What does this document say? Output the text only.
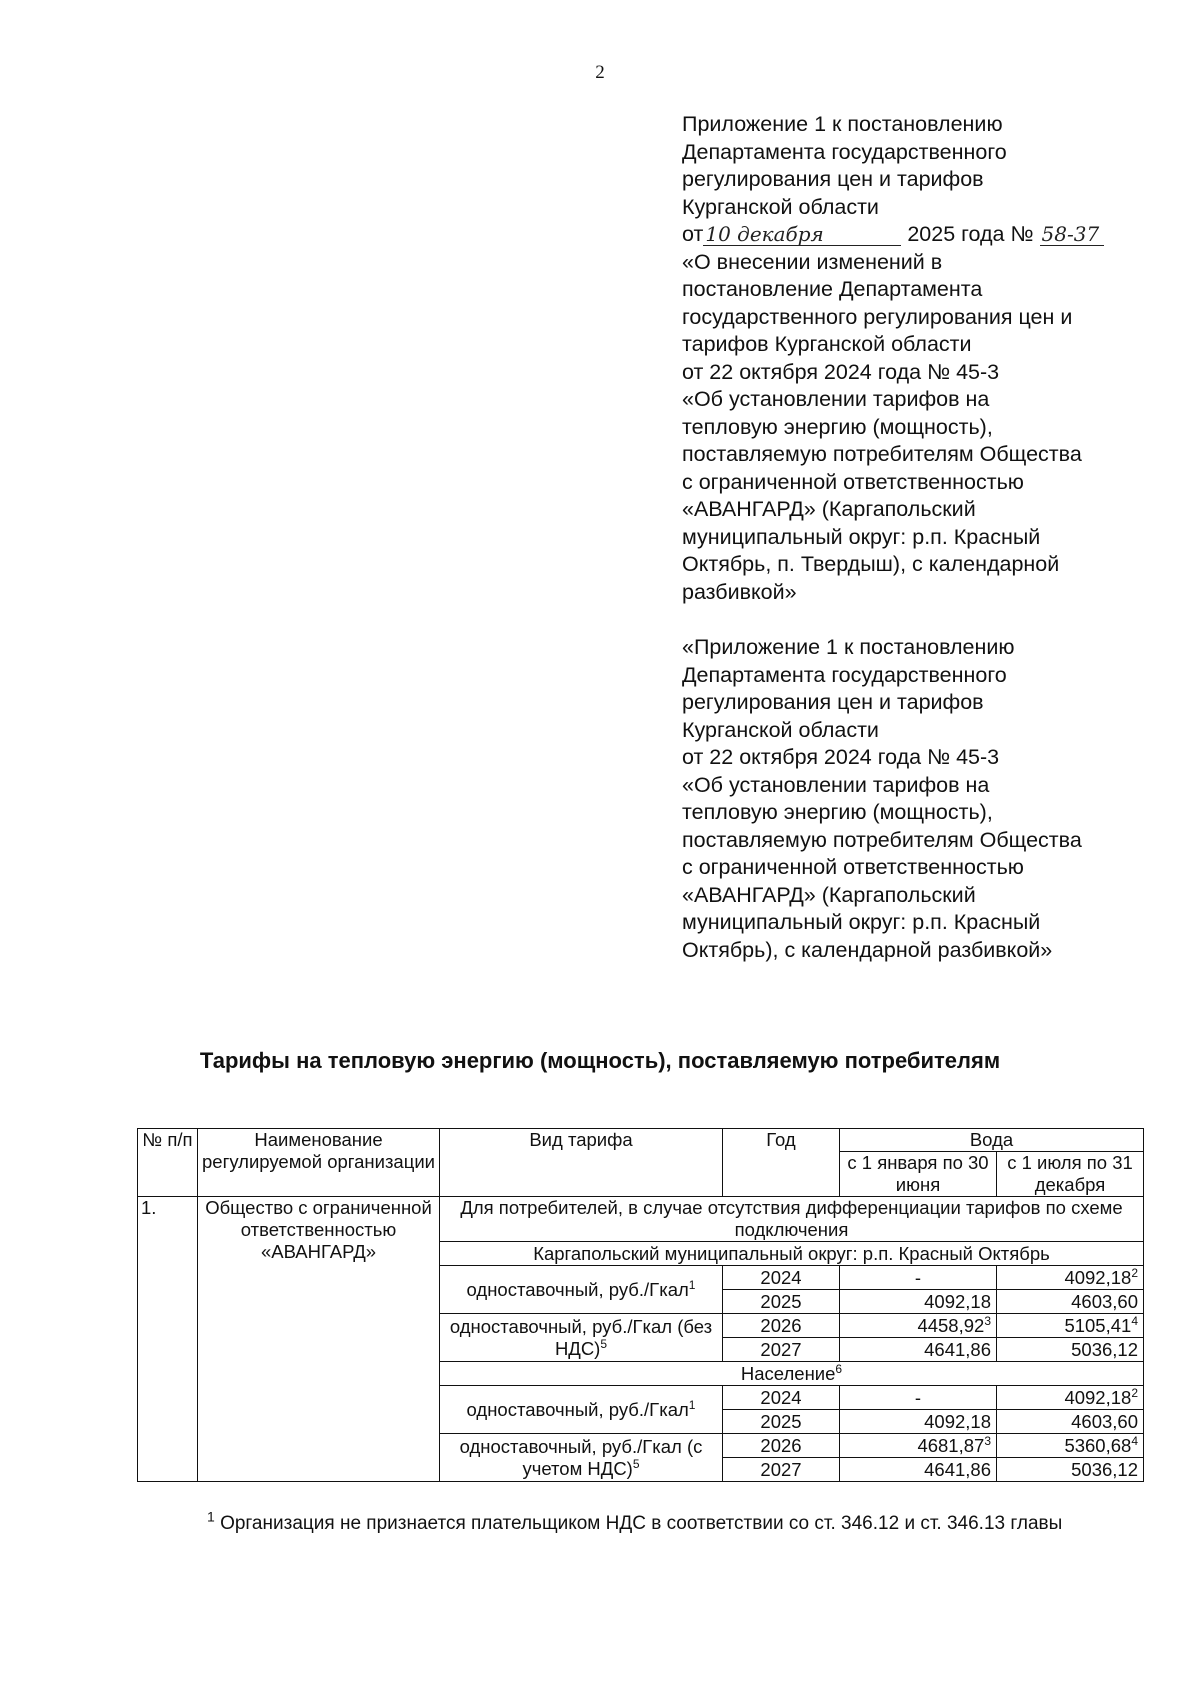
2
Приложение 1 к постановлению
Департамента государственного
регулирования цен и тарифов
Курганской области
от 10 декабря	2025 года № 58-37
«О внесении изменений в
постановление Департамента
государственного регулирования цен и
тарифов Курганской области
от 22 октября 2024 года № 45-3
«Об установлении тарифов на
тепловую энергию (мощность),
поставляемую потребителям Общества
с ограниченной ответственностью
«АВАНГАРД» (Каргапольский
муниципальный округ: р.п. Красный
Октябрь, п. Твердыш), с календарной
разбивкой»
«Приложение 1 к постановлению
Департамента государственного
регулирования цен и тарифов
Курганской области
от 22 октября 2024 года № 45-3
«Об установлении тарифов на
тепловую энергию (мощность),
поставляемую потребителям Общества
с ограниченной ответственностью
«АВАНГАРД» (Каргапольский
муниципальный округ: р.п. Красный
Октябрь), с календарной разбивкой»
Тарифы на тепловую энергию (мощность), поставляемую потребителям
№ п/п	Наименование регулируемой организации	Вид тарифа	Год	Вода	
				с 1 января по 30 июня	с 1 июля по 31 декабря
1.	Общество с ограниченной ответственностью «АВАНГАРД»	Для потребителей, в случае отсутствия дифференциации тарифов по схеме подключения			
		Каргапольский муниципальный округ: р.п. Красный Октябрь			
		одноставочный, руб./Гкал$^1$	2024	-	4092,18$^2$
			2025	4092,18	4603,60
		одноставочный, руб./Гкал (без НДС)$^5$	2026	4458,92$^3$	5105,41$^4$
			2027	4641,86	5036,12
		Население$^6$
		одноставочный, руб./Гкал$^1$	2024	-	4092,18$^2$
			2025	4092,18	4603,60
		одноставочный, руб./Гкал (с учетом НДС)$^5$	2026	4681,87$^3$	5360,68$^4$
			2027	4641,86	5036,12
$^1$ Организация не признается плательщиком НДС в соответствии со ст. 346.12 и ст. 346.13 главы
